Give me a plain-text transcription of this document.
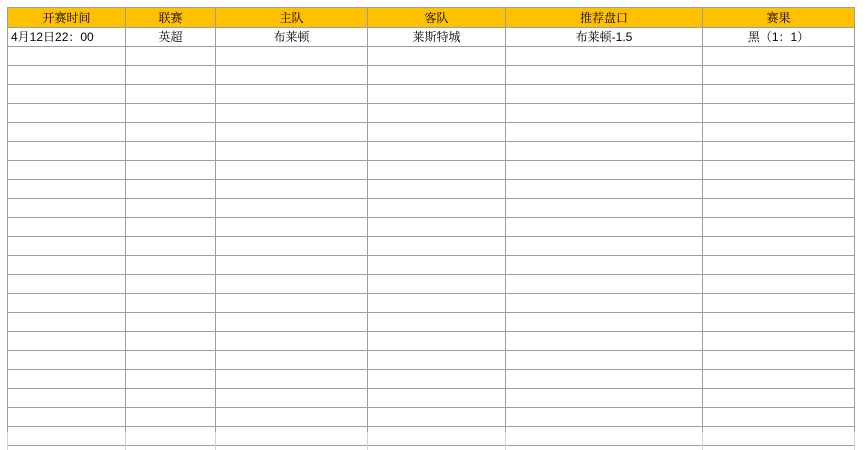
开赛时间	联赛	主队	客队	推荐盘口	赛果
4月12日22：00	英超	布莱顿	莱斯特城	布莱顿-1.5	黑（1：1）
